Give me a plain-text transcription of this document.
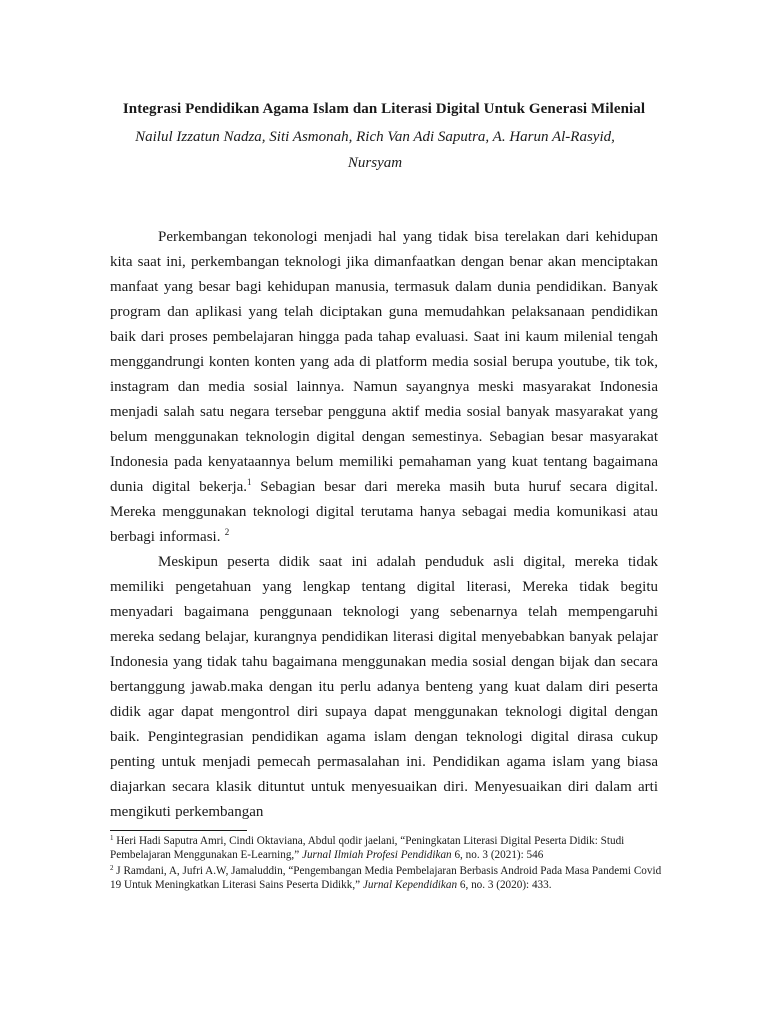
Integrasi Pendidikan Agama Islam dan Literasi Digital Untuk Generasi Milenial
Nailul Izzatun Nadza, Siti Asmonah, Rich Van Adi Saputra, A. Harun Al-Rasyid,
Nursyam

Perkembangan tekonologi menjadi hal yang tidak bisa terelakan dari kehidupan kita saat ini, perkembangan teknologi jika dimanfaatkan dengan benar akan menciptakan manfaat yang besar bagi kehidupan manusia, termasuk dalam dunia pendidikan. Banyak program dan aplikasi yang telah diciptakan guna memudahkan pelaksanaan pendidikan baik dari proses pembelajaran hingga pada tahap evaluasi. Saat ini kaum milenial tengah menggandrungi konten konten yang ada di platform media sosial berupa youtube, tik tok, instagram dan media sosial lainnya. Namun sayangnya meski masyarakat Indonesia menjadi salah satu negara tersebar pengguna aktif media sosial banyak masyarakat yang belum menggunakan teknologin digital dengan semestinya. Sebagian besar masyarakat Indonesia pada kenyataannya belum memiliki pemahaman yang kuat tentang bagaimana dunia digital bekerja.$^1$ Sebagian besar dari mereka masih buta huruf secara digital. Mereka menggunakan teknologi digital terutama hanya sebagai media komunikasi atau berbagi informasi. $^2$

Meskipun peserta didik saat ini adalah penduduk asli digital, mereka tidak memiliki pengetahuan yang lengkap tentang digital literasi, Mereka tidak begitu menyadari bagaimana penggunaan teknologi yang sebenarnya telah mempengaruhi mereka sedang belajar, kurangnya pendidikan literasi digital menyebabkan banyak pelajar Indonesia yang tidak tahu bagaimana menggunakan media sosial dengan bijak dan secara bertanggung jawab.maka dengan itu perlu adanya benteng yang kuat dalam diri peserta didik agar dapat mengontrol diri supaya dapat menggunakan teknologi digital dengan baik. Pengintegrasian pendidikan agama islam dengan teknologi digital dirasa cukup penting untuk menjadi pemecah permasalahan ini. Pendidikan agama islam yang biasa diajarkan secara klasik dituntut untuk menyesuaikan diri. Menyesuaikan diri dalam arti mengikuti perkembangan

$^1$ Heri Hadi Saputra Amri, Cindi Oktaviana, Abdul qodir jaelani, “Peningkatan Literasi Digital Peserta Didik: Studi Pembelajaran Menggunakan E-Learning,” Jurnal Ilmiah Profesi Pendidikan 6, no. 3 (2021): 546
$^2$ J Ramdani, A, Jufri A.W, Jamaluddin, “Pengembangan Media Pembelajaran Berbasis Android Pada Masa Pandemi Covid 19 Untuk Meningkatkan Literasi Sains Peserta Didikk,” Jurnal Kependidikan 6, no. 3 (2020): 433.
